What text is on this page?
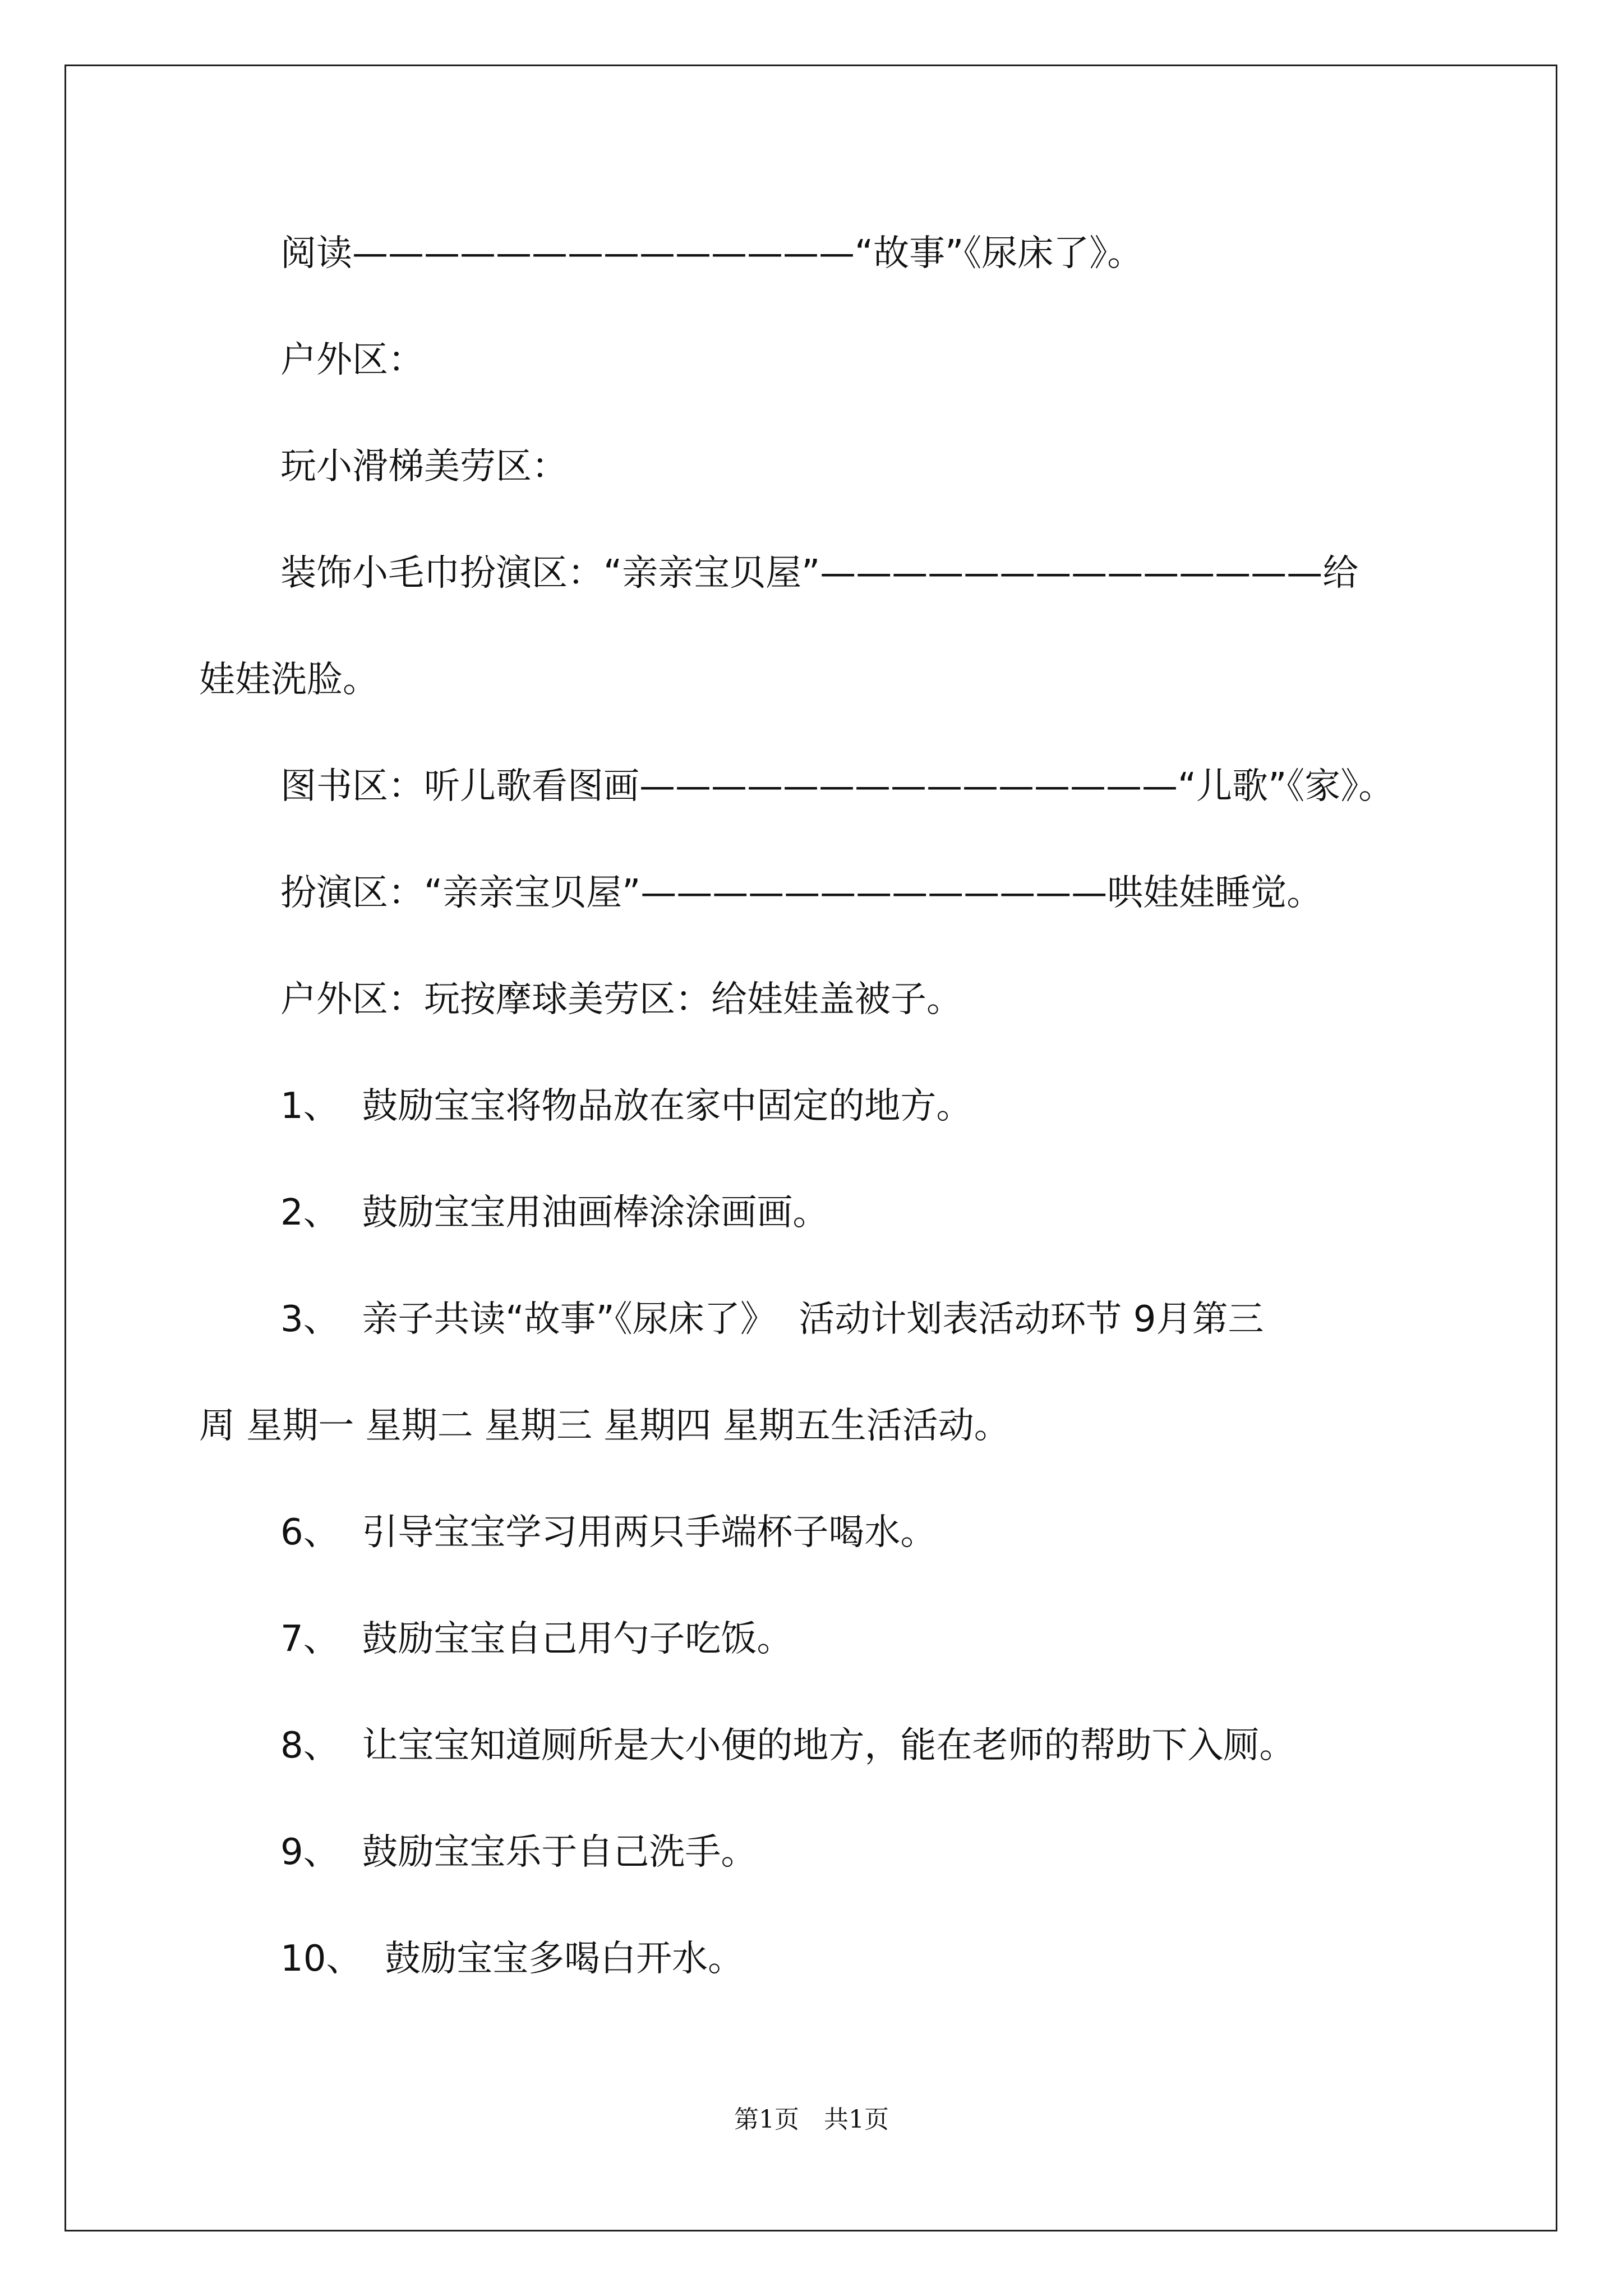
阅读——————————————“故事”《尿床了》。
户外区：
玩小滑梯美劳区：
装饰小毛巾扮演区：“亲亲宝贝屋”——————————————给
娃娃洗脸。
图书区：听儿歌看图画———————————————“儿歌”《家》。
扮演区：“亲亲宝贝屋”—————————————哄娃娃睡觉。
户外区：玩按摩球美劳区：给娃娃盖被子。
1、  鼓励宝宝将物品放在家中固定的地方。
2、  鼓励宝宝用油画棒涂涂画画。
3、  亲子共读“故事”《尿床了》  活动计划表活动环节 9月第三
周 星期一 星期二 星期三 星期四 星期五生活活动。
6、  引导宝宝学习用两只手端杯子喝水。
7、  鼓励宝宝自己用勺子吃饭。
8、  让宝宝知道厕所是大小便的地方，能在老师的帮助下入厕。
9、  鼓励宝宝乐于自己洗手。
10、  鼓励宝宝多喝白开水。
第1页　共1页
